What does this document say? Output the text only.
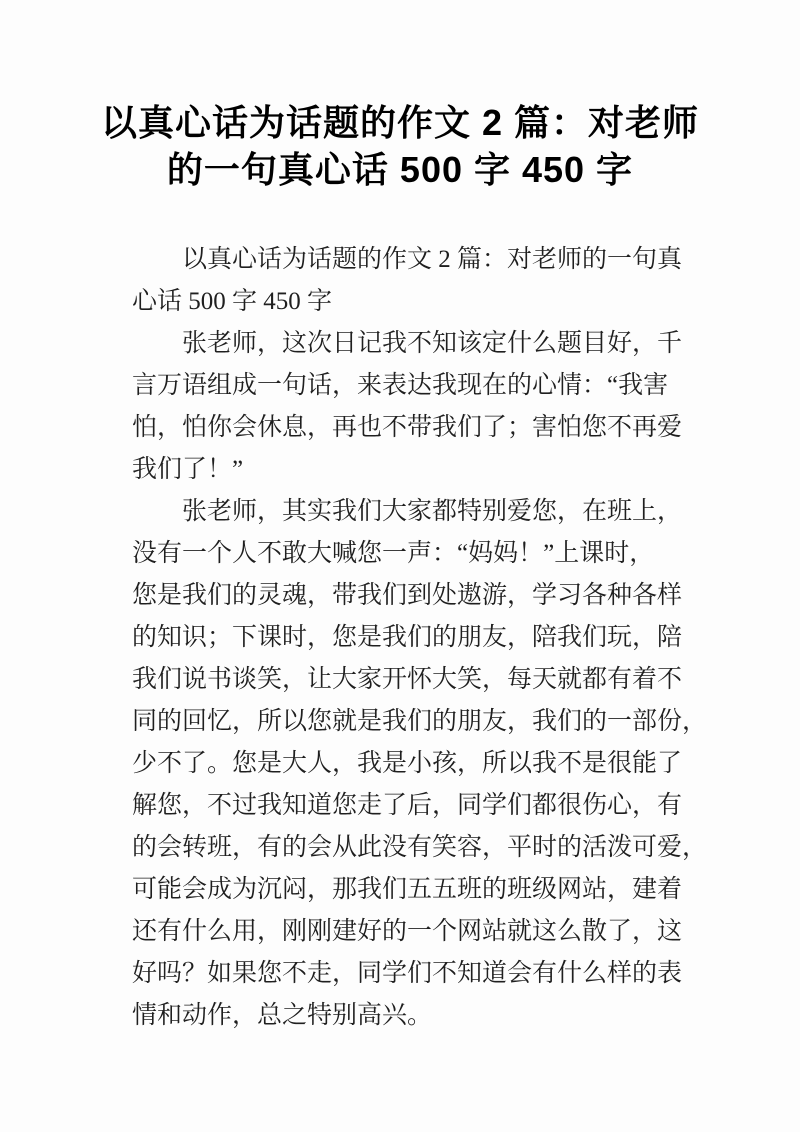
以真心话为话题的作文 2 篇：对老师
的一句真心话 500 字 450 字

以真心话为话题的作文 2 篇：对老师的一句真
心话 500 字 450 字

张老师，这次日记我不知该定什么题目好，千
言万语组成一句话，来表达我现在的心情：“我害
怕，怕你会休息，再也不带我们了；害怕您不再爱
我们了！”

张老师，其实我们大家都特别爱您，在班上，
没有一个人不敢大喊您一声：“妈妈！”上课时，
您是我们的灵魂，带我们到处遨游，学习各种各样
的知识；下课时，您是我们的朋友，陪我们玩，陪
我们说书谈笑，让大家开怀大笑，每天就都有着不
同的回忆，所以您就是我们的朋友，我们的一部份，
少不了。您是大人，我是小孩，所以我不是很能了
解您，不过我知道您走了后，同学们都很伤心，有
的会转班，有的会从此没有笑容，平时的活泼可爱，
可能会成为沉闷，那我们五五班的班级网站，建着
还有什么用，刚刚建好的一个网站就这么散了，这
好吗？如果您不走，同学们不知道会有什么样的表
情和动作，总之特别高兴。
